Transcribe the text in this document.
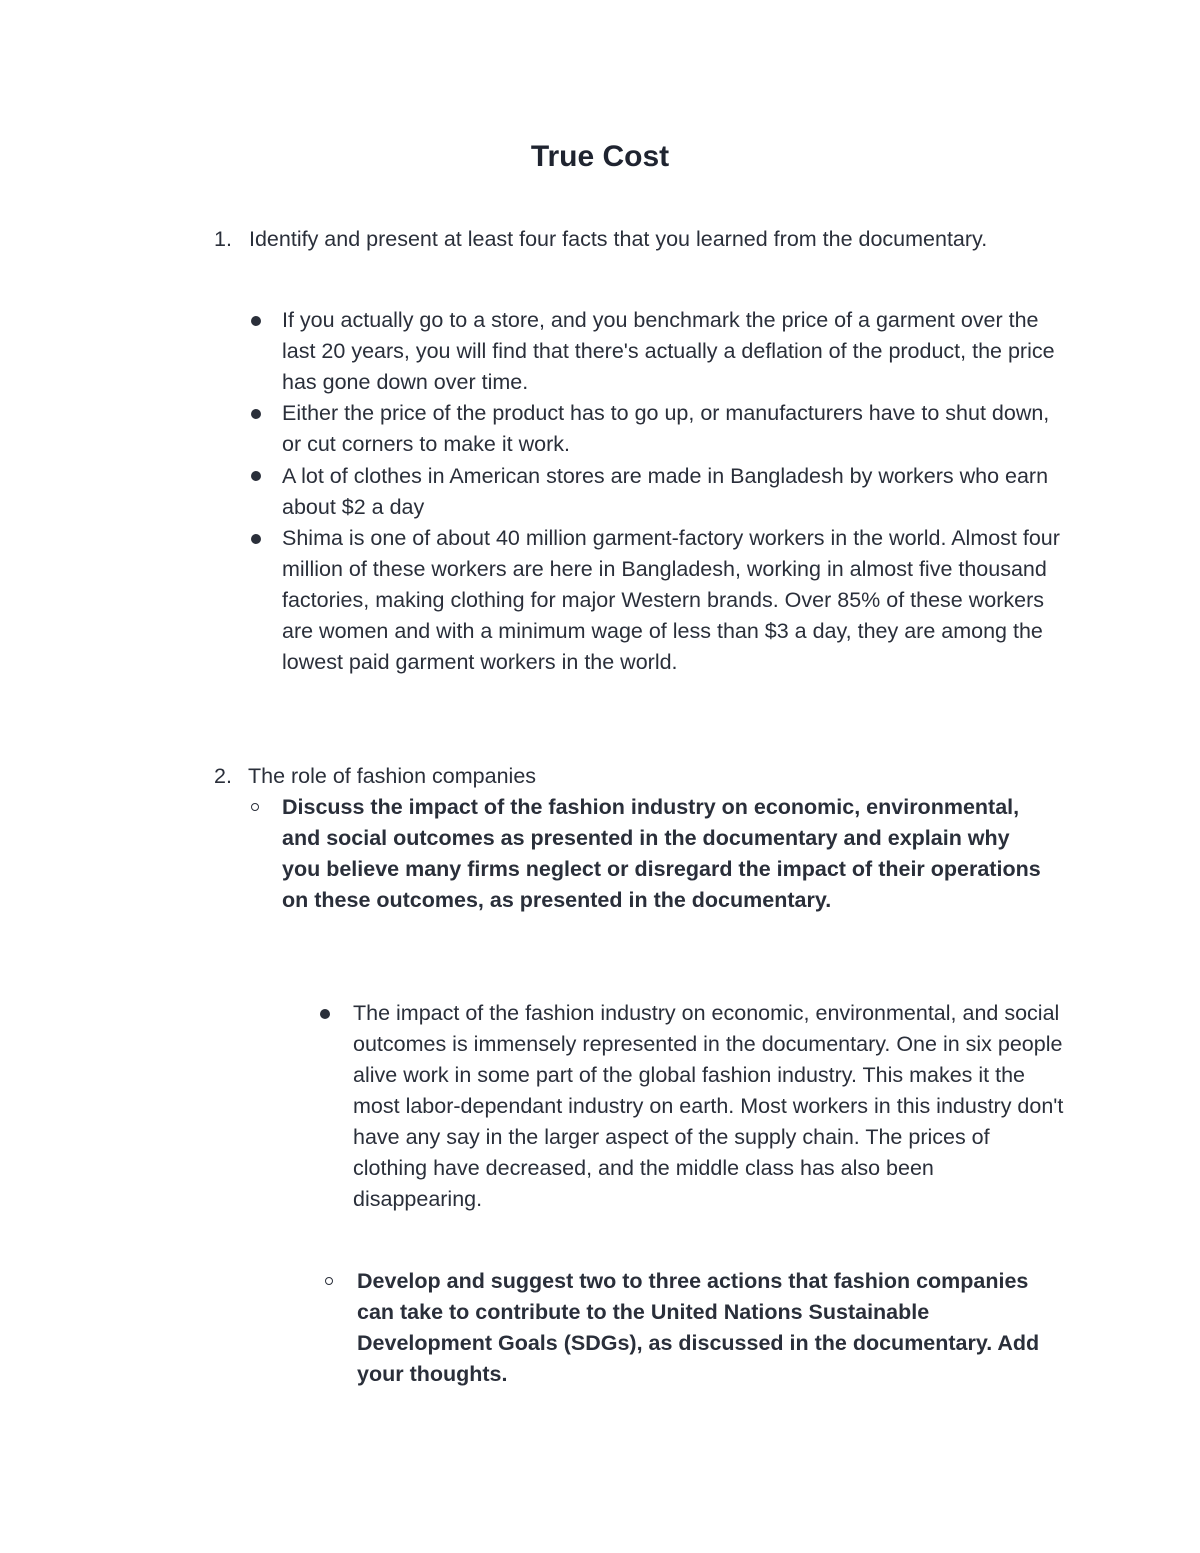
True Cost
1. Identify and present at least four facts that you learned from the documentary.

If you actually go to a store, and you benchmark the price of a garment over the last 20 years, you will find that there's actually a deflation of the product, the price has gone down over time.

Either the price of the product has to go up, or manufacturers have to shut down, or cut corners to make it work.

A lot of clothes in American stores are made in Bangladesh by workers who earn about $2 a day

Shima is one of about 40 million garment-factory workers in the world. Almost four million of these workers are here in Bangladesh, working in almost five thousand factories, making clothing for major Western brands. Over 85% of these workers are women and with a minimum wage of less than $3 a day, they are among the lowest paid garment workers in the world.

2. The role of fashion companies

Discuss the impact of the fashion industry on economic, environmental, and social outcomes as presented in the documentary and explain why you believe many firms neglect or disregard the impact of their operations on these outcomes, as presented in the documentary.

The impact of the fashion industry on economic, environmental, and social outcomes is immensely represented in the documentary. One in six people alive work in some part of the global fashion industry. This makes it the most labor-dependant industry on earth. Most workers in this industry don't have any say in the larger aspect of the supply chain. The prices of clothing have decreased, and the middle class has also been disappearing.

Develop and suggest two to three actions that fashion companies can take to contribute to the United Nations Sustainable Development Goals (SDGs), as discussed in the documentary. Add your thoughts.
